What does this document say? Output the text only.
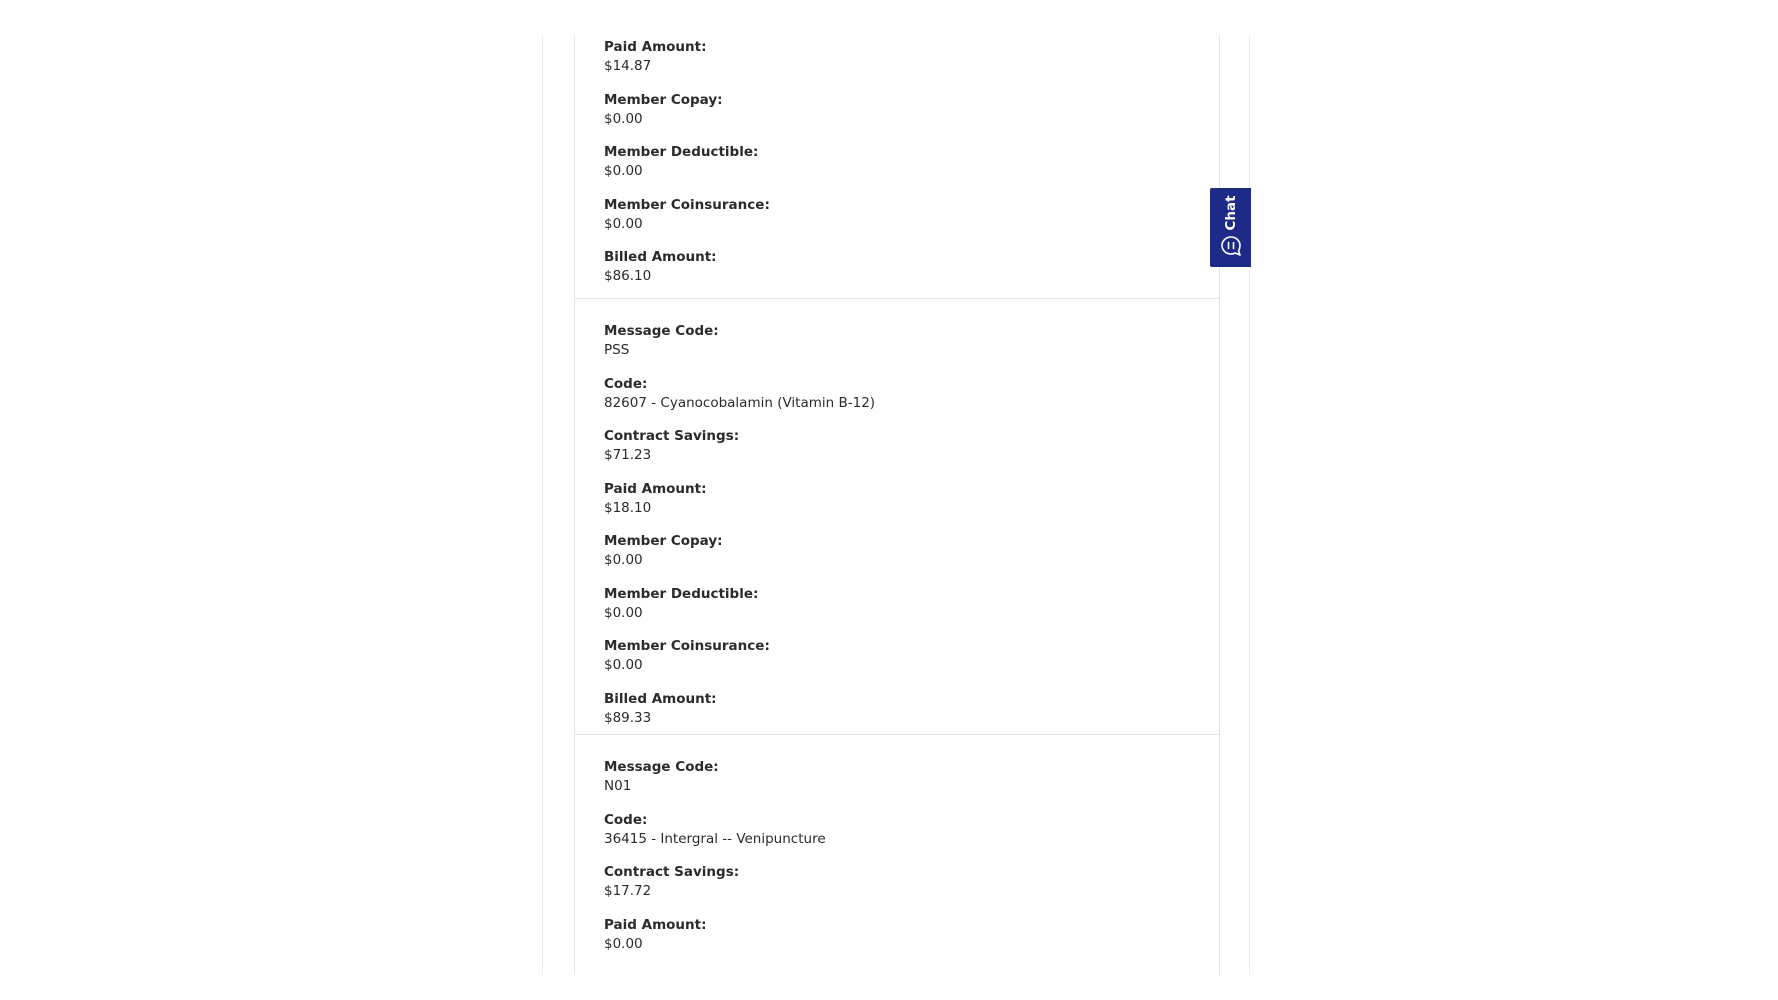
Paid Amount:
$14.87
Member Copay:
$0.00
Member Deductible:
$0.00
Member Coinsurance:
$0.00
Billed Amount:
$86.10
Message Code:
PSS
Code:
82607 - Cyanocobalamin (Vitamin B-12)
Contract Savings:
$71.23
Paid Amount:
$18.10
Member Copay:
$0.00
Member Deductible:
$0.00
Member Coinsurance:
$0.00
Billed Amount:
$89.33
Message Code:
N01
Code:
36415 - Intergral -- Venipuncture
Contract Savings:
$17.72
Paid Amount:
$0.00
Chat
